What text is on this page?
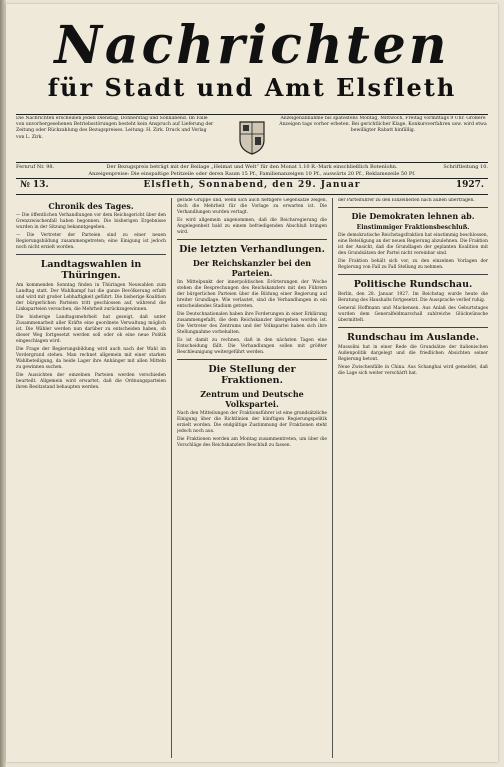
Nachrichten
für Stadt und Amt Elsfleth
Die Nachrichten erscheinen jeden Dienstag, Donnerstag und Sonnabend. Im Falle von unvorhergesehenen Betriebsstörungen besteht kein Anspruch auf Lieferung der Zeitung oder Rückzahlung des Bezugspreises. Leitung: H. Zirk. Druck und Verlag von L. Zirk.
Anzeigenannahme bis spätestens Montag, Mittwoch, Freitag vormittags 9 Uhr. Größere Anzeigen tags vorher erbeten. Bei gerichtlicher Klage, Konkursverfahren usw. wird etwa bewilligter Rabatt hinfällig.
Fernruf Nr. 98.	Der Bezugspreis beträgt mit der Beilage „Heimat und Welt“ für den Monat 1.10 R.-Mark einschließlich Botenlohn.	Schriftleitung 10.
Anzeigenpreise: Die einspaltige Petitzeile oder deren Raum 15 Pf., Familienanzeigen 10 Pf., auswärts 20 Pf., Reklamezeile 50 Pf.
№ 13.	Elsfleth, Sonnabend, den 29. Januar	1927.
Chronik des Tages.

— Die öffentlichen Verhandlungen vor dem Reichsgericht über den Grenzzwischenfall haben begonnen. Die bisherigen Ergebnisse wurden in der Sitzung bekanntgegeben.

— Die Vertreter der Parteien sind zu einer neuen Regierungsbildung zusammengetreten; eine Einigung ist jedoch noch nicht erzielt worden.

Landtagswahlen in Thüringen.

Am kommenden Sonntag finden in Thüringen Neuwahlen zum Landtag statt. Der Wahlkampf hat die ganze Bevölkerung erfaßt und wird mit großer Lebhaftigkeit geführt. Die bisherige Koalition der bürgerlichen Parteien tritt geschlossen auf, während die Linksparteien versuchen, die Mehrheit zurückzugewinnen.

Die bisherige Landtagsmehrheit hat gezeigt, daß unter Zusammenarbeit aller Kräfte eine geordnete Verwaltung möglich ist. Die Wähler werden nun darüber zu entscheiden haben, ob dieser Weg fortgesetzt werden soll oder ob eine neue Politik eingeschlagen wird.

Die Frage der Regierungsbildung wird auch nach der Wahl im Vordergrund stehen. Man rechnet allgemein mit einer starken Wahlbeteiligung, da beide Lager ihre Anhänger mit allen Mitteln zu gewinnen suchen.

Die Aussichten der einzelnen Parteien werden verschieden beurteilt. Allgemein wird erwartet, daß die Ordnungsparteien ihren Besitzstand behaupten werden.

gerade Gruppe und, wenn sich auch heftigere Gegensätze zeigen, doch die Mehrheit für die Vorlage zu erwarten ist. Die Verhandlungen wurden vertagt.

Es wird allgemein angenommen, daß die Reichsregierung die Angelegenheit bald zu einem befriedigenden Abschluß bringen wird.

Die letzten Verhandlungen.
Der Reichskanzler bei den Parteien.

Im Mittelpunkt der innerpolitischen Erörterungen der Woche stehen die Besprechungen des Reichskanzlers mit den Führern der bürgerlichen Parteien über die Bildung einer Regierung auf breiter Grundlage. Wie verlautet, sind die Verhandlungen in ein entscheidendes Stadium getreten.

Die Deutschnationalen haben ihre Forderungen in einer Erklärung zusammengefaßt, die dem Reichskanzler übergeben worden ist. Die Vertreter des Zentrums und der Volkspartei haben sich ihre Stellungnahme vorbehalten.

Es ist damit zu rechnen, daß in den nächsten Tagen eine Entscheidung fällt. Die Verhandlungen sollen mit größter Beschleunigung weitergeführt werden.

Die Stellung der Fraktionen.
Zentrum und Deutsche Volkspartei.

Nach den Mitteilungen der Fraktionsführer ist eine grundsätzliche Einigung über die Richtlinien der künftigen Regierungspolitik erzielt worden. Die endgültige Zustimmung der Fraktionen steht jedoch noch aus.

Die Fraktionen werden am Montag zusammentreten, um über die Vorschläge des Reichskanzlers Beschluß zu fassen.

der Parteiführer zu den Einzelheiten nach außen übertragen.

Die Demokraten lehnen ab.
Einstimmiger Fraktionsbeschluß.

Die demokratische Reichstagsfraktion hat einstimmig beschlossen, eine Beteiligung an der neuen Regierung abzulehnen. Die Fraktion ist der Ansicht, daß die Grundlagen der geplanten Koalition mit den Grundsätzen der Partei nicht vereinbar sind.

Die Fraktion behält sich vor, zu den einzelnen Vorlagen der Regierung von Fall zu Fall Stellung zu nehmen.

Politische Rundschau.

Berlin, den 28. Januar 1927. Im Reichstag wurde heute die Beratung des Haushalts fortgesetzt. Die Aussprache verlief ruhig.

General Hoffmann und Mackensen. Aus Anlaß des Geburtstages wurden dem Generalfeldmarschall zahlreiche Glückwünsche übermittelt.

Rundschau im Auslande.

Mussolini hat in einer Rede die Grundsätze der italienischen Außenpolitik dargelegt und die friedlichen Absichten seiner Regierung betont.

Neue Zwischenfälle in China. Aus Schanghai wird gemeldet, daß die Lage sich weiter verschärft hat.
